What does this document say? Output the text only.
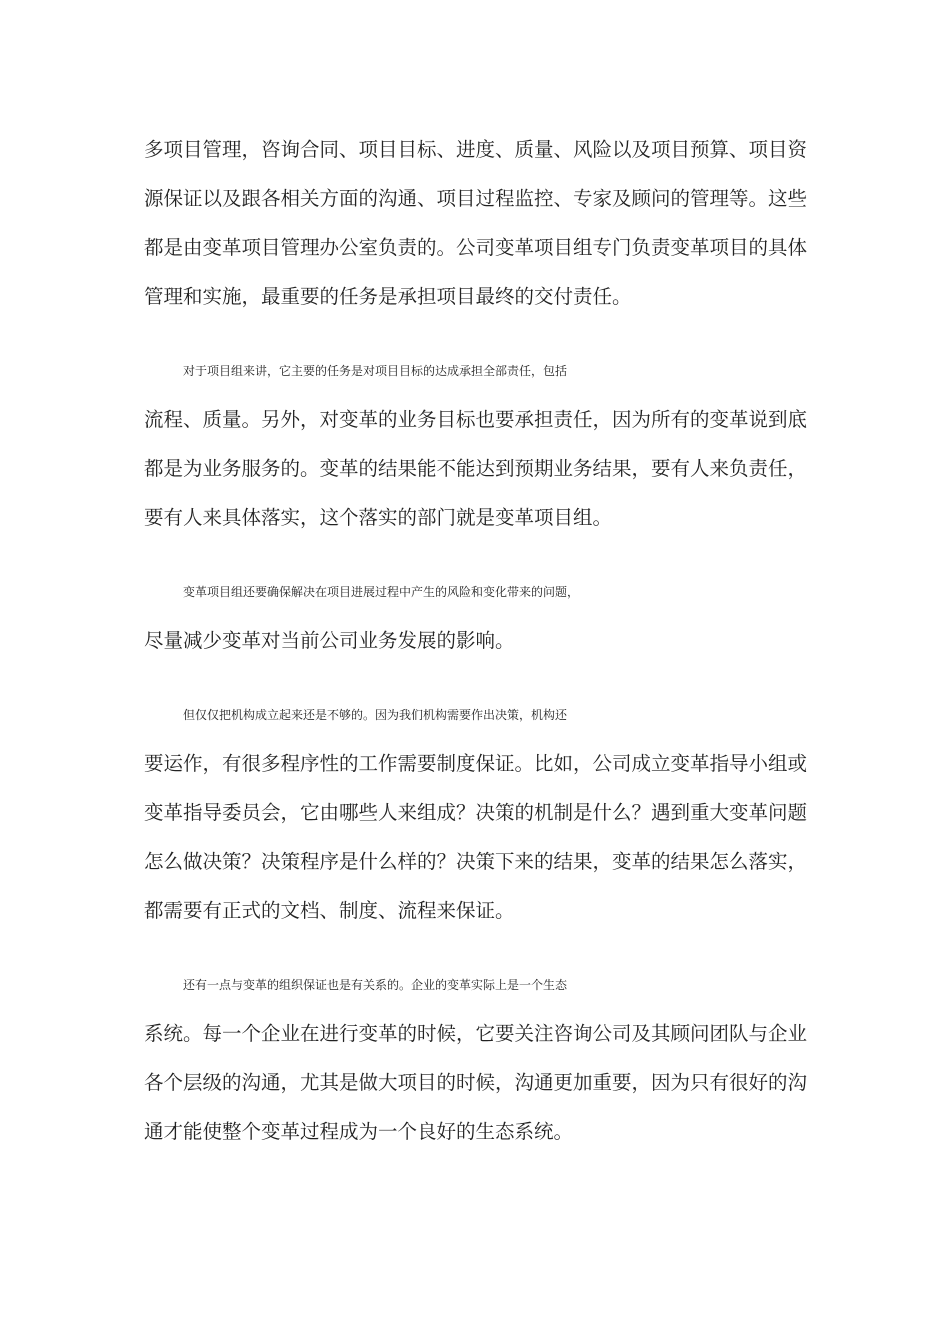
多项目管理，咨询合同、项目目标、进度、质量、风险以及项目预算、项目资
源保证以及跟各相关方面的沟通、项目过程监控、专家及顾问的管理等。这些
都是由变革项目管理办公室负责的。公司变革项目组专门负责变革项目的具体
管理和实施，最重要的任务是承担项目最终的交付责任。
对于项目组来讲，它主要的任务是对项目目标的达成承担全部责任，包括
流程、质量。另外，对变革的业务目标也要承担责任，因为所有的变革说到底
都是为业务服务的。变革的结果能不能达到预期业务结果，要有人来负责任，
要有人来具体落实，这个落实的部门就是变革项目组。
变革项目组还要确保解决在项目进展过程中产生的风险和变化带来的问题，
尽量减少变革对当前公司业务发展的影响。
但仅仅把机构成立起来还是不够的。因为我们机构需要作出决策，机构还
要运作，有很多程序性的工作需要制度保证。比如，公司成立变革指导小组或
变革指导委员会，它由哪些人来组成？决策的机制是什么？遇到重大变革问题
怎么做决策？决策程序是什么样的？决策下来的结果，变革的结果怎么落实，
都需要有正式的文档、制度、流程来保证。
还有一点与变革的组织保证也是有关系的。企业的变革实际上是一个生态
系统。每一个企业在进行变革的时候，它要关注咨询公司及其顾问团队与企业
各个层级的沟通，尤其是做大项目的时候，沟通更加重要，因为只有很好的沟
通才能使整个变革过程成为一个良好的生态系统。
